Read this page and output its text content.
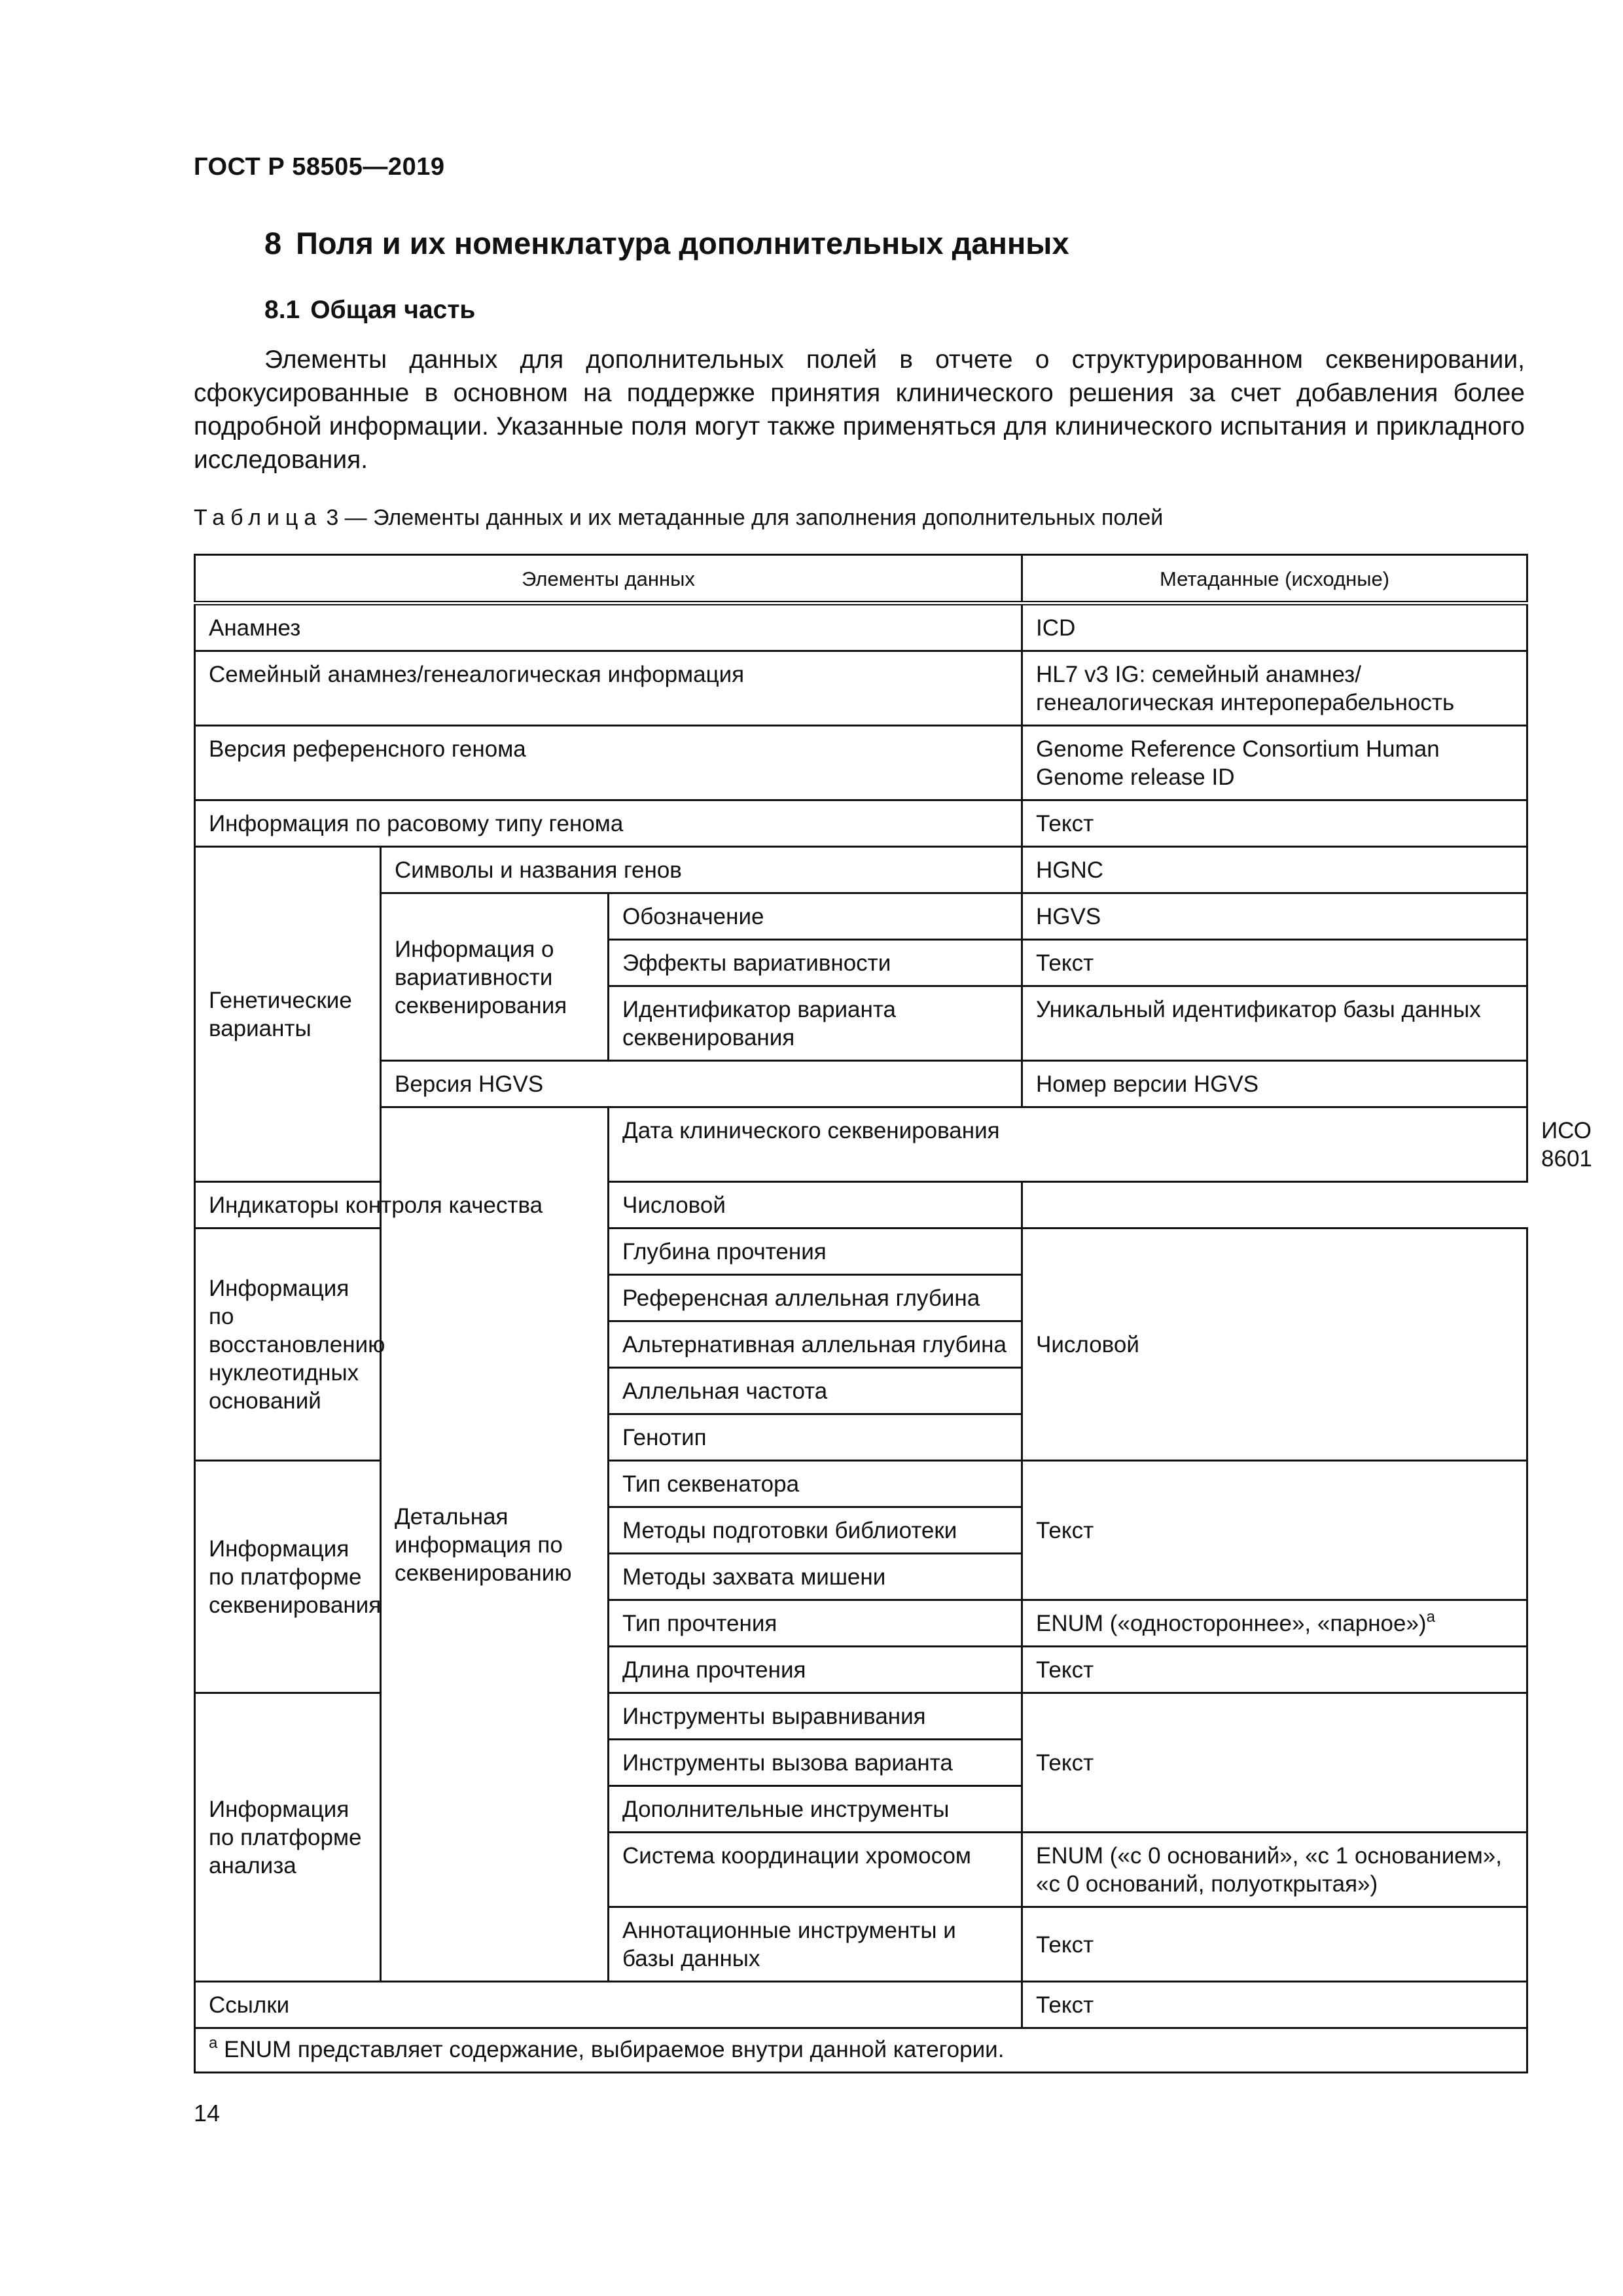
ГОСТ Р 58505—2019
8 Поля и их номенклатура дополнительных данных
8.1 Общая часть

Элементы данных для дополнительных полей в отчете о структурированном секвенировании, сфокусированные в основном на поддержке принятия клинического решения за счет добавления более подробной информации. Указанные поля могут также применяться для клинического испытания и прикладного исследования.

Таблица 3 — Элементы данных и их метаданные для заполнения дополнительных полей
Элементы данных			Метаданные (исходные)	
Анамнез			ICD	
Семейный анамнез/генеалогическая информация			HL7 v3 IG: семейный анамнез/генеалогическая интероперабельность	
Версия референсного генома			Genome Reference Consortium Human Genome release ID	
Информация по расовому типу генома			Текст	
Генетические варианты	Символы и названия генов		HGNC	
	Информация о вариативности секвенирования	Обозначение	HGVS	
		Эффекты вариативности	Текст	
		Идентификатор варианта секвенирования	Уникальный идентификатор базы данных	
	Версия HGVS		Номер версии HGVS	
	Детальная информация по секвенированию	Дата клинического секвенирования		ИСО 8601
Индикаторы контроля качества		Числовой		
Информация по восстановлению нуклеотидных оснований		Глубина прочтения	Числовой	
		Референсная аллельная глубина		
		Альтернативная аллельная глубина		
		Аллельная частота		
		Генотип		
Информация по платформе секвенирования		Тип секвенатора	Текст	
		Методы подготовки библиотеки		
		Методы захвата мишени		
		Тип прочтения	ENUM («одностороннее», «парное»)$^a$
		Длина прочтения	Текст	
Информация по платформе анализа		Инструменты выравнивания	Текст	
		Инструменты вызова варианта		
		Дополнительные инструменты		
		Система координации хромосом	ENUM («с 0 оснований», «с 1 основанием», «с 0 оснований, полуоткрытая»)	
		Аннотационные инструменты и базы данных	Текст	
Ссылки			Текст	
$^a$ ENUM представляет содержание, выбираемое внутри данной категории.				
14
